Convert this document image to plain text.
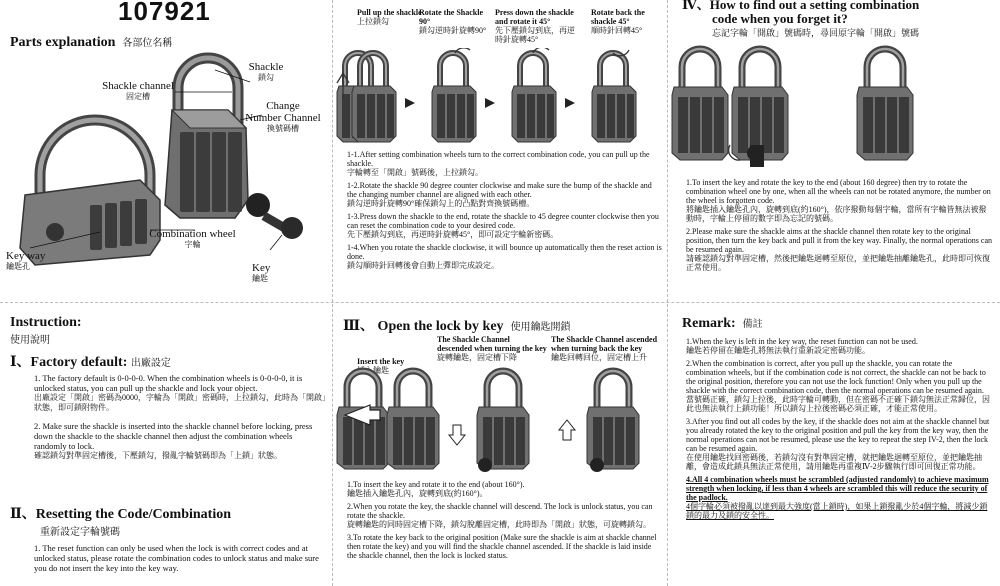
107921
Parts explanation 各部位名稱
Shackle
鎖勾
Shackle channel
固定槽
Change
Number Channel
換號碼槽
Combination wheel
字輪
Key way
鑰匙孔	Key
鑰匙
Pull up the shackle
上拉鎖勾
Rotate the Shackle 90°
鎖勾逆時針旋轉90°
Press down the shackle and rotate it 45°
先下壓鎖勾到底，再逆時針旋轉45°
Rotate back the shackle 45°
順時針回轉45°

1-1.After setting combination wheels turn to the correct combination code, you can pull up the shackle.
字輪轉至「開啟」號碼後，上拉鎖勾。

1-2.Rotate the shackle 90 degree counter clockwise and make sure the bump of the shackle and the changing number channel are aligned with each other.
鎖勾逆時針旋轉90°確保鎖勾上的凸點對齊換號碼槽。

1-3.Press down the shackle to the end, rotate the shackle to 45 degree counter clockwise then you can reset the combination code to your desired code.
先下壓鎖勾到底，再逆時針旋轉45°，即可設定字輪新密碼。

1-4.When you rotate the shackle clockwise, it will bounce up automatically then the reset action is done.
鎖勾順時針回轉後會自動上彈即完成設定。

Ⅳ、How to find out a setting combination
code when you forget it?
忘記字輪「開啟」號碼時，尋回原字輪「開啟」號碼

1.To insert the key and rotate the key to the end (about 160 degree) then try to rotate the combination wheel one by one, when all the wheels can not be rotated anymore, the number on the wheel is forgotten code.
將鑰匙插入鑰匙孔內，旋轉到底(約160°)，依序撥動每個字輪，當所有字輪皆無法被撥動時，字輪上停留的數字即為忘記的號碼。

2.Please make sure the shackle aims at the shackle channel then rotate key to the original position, then turn the key back and pull it from the key way. Finally, the normal operations can be resumed again.
請確認鎖勾對準固定槽，然後把鑰匙迴轉至原位，並把鑰匙抽離鑰匙孔，此時即可恢復正常使用。

Instruction:
使用說明
Ⅰ、Factory default: 出廠設定

1. The factory default is 0-0-0-0. When the combination wheels is 0-0-0-0, it is unlocked status, you can pull up the shackle and lock your object.
出廠設定「開啟」密碼為0000，字輪為「開啟」密碼時，上拉鎖勾，此時為「開啟」狀態，即可鎖附物件。

2. Make sure the shackle is inserted into the shackle channel before locking, press down the shackle to the shackle channel then adjust the combination wheels randomly to lock.
確認鎖勾對準固定槽後，下壓鎖勾，撥亂字輪號碼即為「上鎖」狀態。

Ⅱ、Resetting the Code/Combination
重新設定字輪號碼

1. The reset function can only be used when the lock is with correct codes and at unlocked status, please rotate the combination codes to unlock status and make sure you do not insert the key into the key way.

Ⅲ、 Open the lock by key 使用鑰匙開鎖
Insert the key
插入鑰匙
The Shackle Channel descended when turning the key
旋轉鑰匙，固定槽下降
The Shackle Channel ascended when turning back the key
鑰匙回轉回位，固定槽上升

1.To insert the key and rotate it to the end (about 160°).
鑰匙插入鑰匙孔內，旋轉到底(約160°)。

2.When you rotate the key, the shackle channel will descend. The lock is unlock status, you can rotate the shackle.
旋轉鑰匙的同時固定槽下降，鎖勾脫離固定槽，此時即為「開啟」狀態，可旋轉鎖勾。

3.To rotate the key back to the original position (Make sure the shackle is aim at shackle channel then rotate the key) and you will find the shackle channel ascended. If the shackle is laid inside the shackle channel, then the lock is locked status.

Remark: 備註

1.When the key is left in the key way, the reset function can not be used.
鑰匙若停留在鑰匙孔將無法執行重新設定密碼功能。

2.When the combination is correct, after you pull up the shackle, you can rotate the combination wheels, but if the combination code is not correct, the shackle can not be back to the original position, therefore you can not use the lock function! Only when you pull up the shackle with the correct combination code, then the normal operations can be resumed again.
當號碼正確，鎖勾上拉後，此時字輪可轉動，但在密碼不正確下鎖勾無法正常歸位，因此也無法執行上鎖功能！所以鎖勾上拉後密碼必須正確，才能正常使用。

3.After you find out all codes by the key, if the shackle does not aim at the shackle channel but you already rotated the key to the original position and pull the key from the key way, then the normal operations can not be resumed, please use the key to repeat the step IV-2, then the lock can be resumed again.
在使用鑰匙找回密碼後，若鎖勾沒有對準固定槽，就把鑰匙迴轉至原位，並把鑰匙抽離，會造成此鎖具無法正常使用，請用鑰匙再重複Ⅳ-2步驟執行即可回復正常功能。

4.All 4 combination wheels must be scrambled (adjusted randomly) to achieve maximum strength when locking, if less than 4 wheels are scrambled this will reduce the security of the padlock.
4個字輪必須被撥亂以達到最大強度(當上鎖時)，如果上鎖撥亂少於4個字輪，將減少鎖鎖的最力及鎖的安全性。
